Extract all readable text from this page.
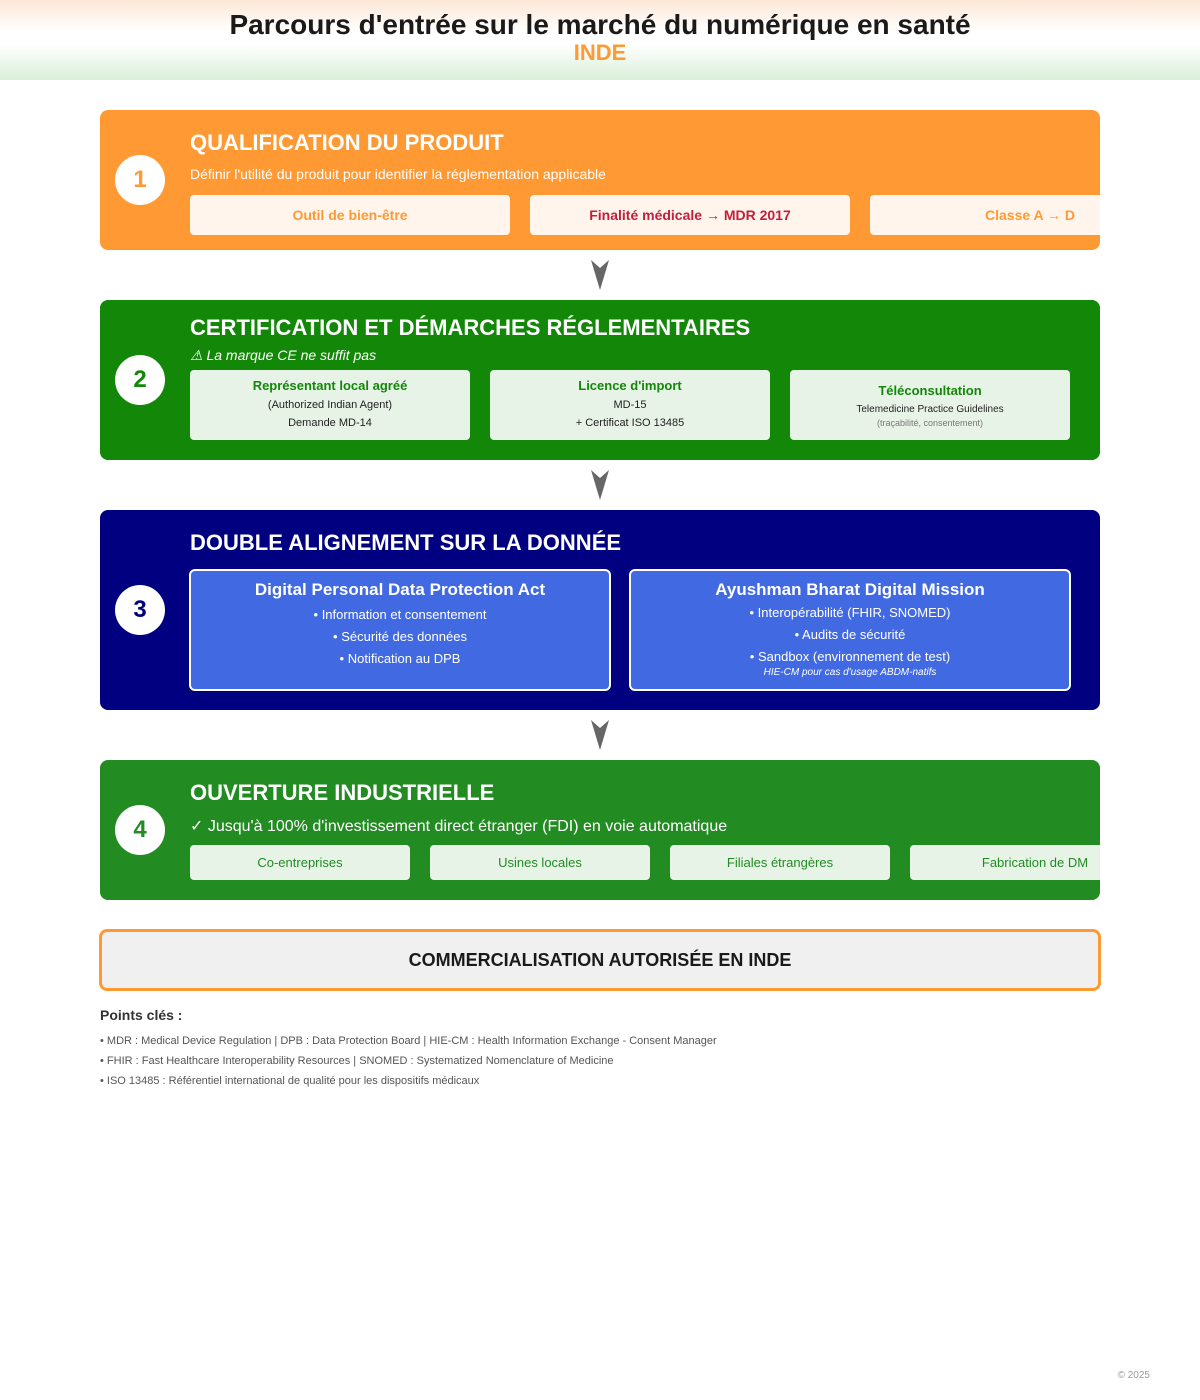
Parcours d'entrée sur le marché du numérique en santé
INDE
1
QUALIFICATION DU PRODUIT
Définir l'utilité du produit pour identifier la réglementation applicable
Outil de bien-être	Finalité médicale → MDR 2017	Classe A → D
2
CERTIFICATION ET DÉMARCHES RÉGLEMENTAIRES
⚠ La marque CE ne suffit pas
Représentant local agréé
(Authorized Indian Agent)
Demande MD-14
Licence d'import
MD-15
+ Certificat ISO 13485
Téléconsultation
Telemedicine Practice Guidelines
(traçabilité, consentement)
3
DOUBLE ALIGNEMENT SUR LA DONNÉE
Digital Personal Data Protection Act
• Information et consentement
• Sécurité des données
• Notification au DPB
Ayushman Bharat Digital Mission
• Interopérabilité (FHIR, SNOMED)
• Audits de sécurité
• Sandbox (environnement de test)
HIE-CM pour cas d'usage ABDM-natifs
4
OUVERTURE INDUSTRIELLE
✓ Jusqu'à 100% d'investissement direct étranger (FDI) en voie automatique
Co-entreprises	Usines locales	Filiales étrangères	Fabrication de DM
COMMERCIALISATION AUTORISÉE EN INDE
Points clés :
• MDR : Medical Device Regulation | DPB : Data Protection Board | HIE-CM : Health Information Exchange - Consent Manager
• FHIR : Fast Healthcare Interoperability Resources | SNOMED : Systematized Nomenclature of Medicine
• ISO 13485 : Référentiel international de qualité pour les dispositifs médicaux
© 2025
